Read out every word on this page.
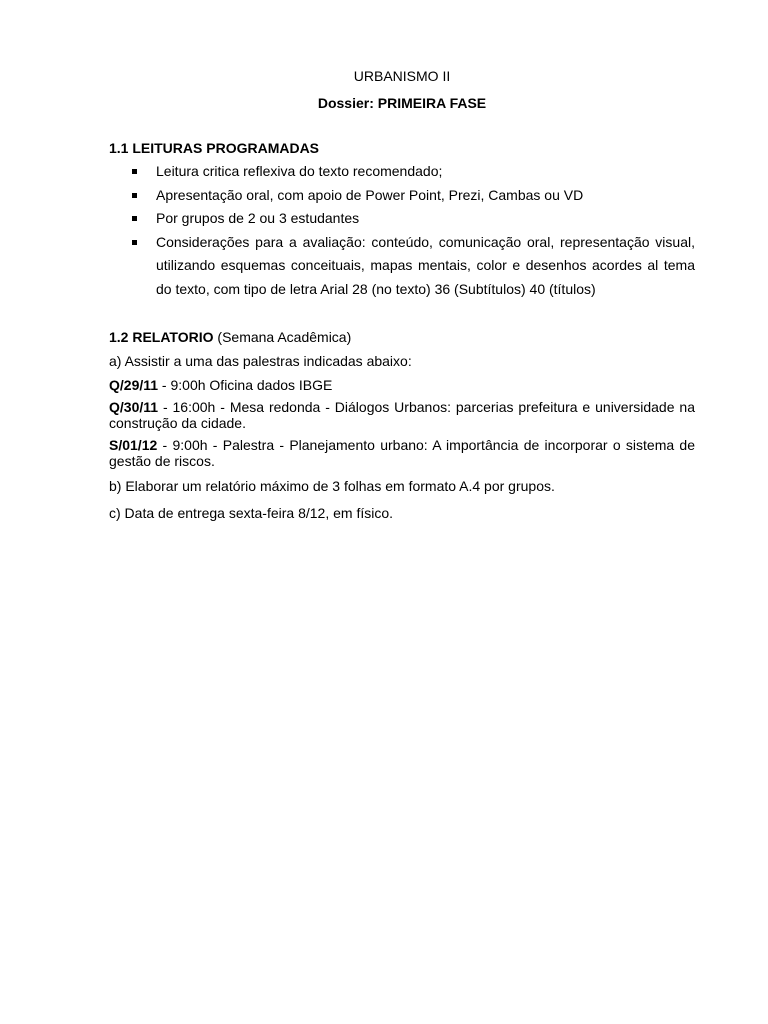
URBANISMO II

Dossier: PRIMEIRA FASE

1.1 LEITURAS PROGRAMADAS

Leitura critica reflexiva do texto recomendado;
Apresentação oral, com apoio de Power Point, Prezi, Cambas ou VD
Por grupos de 2 ou 3 estudantes
Considerações para a avaliação: conteúdo, comunicação oral, representação visual, utilizando esquemas conceituais, mapas mentais, color e desenhos acordes al tema do texto, com tipo de letra Arial 28 (no texto) 36 (Subtítulos) 40 (títulos)

1.2 RELATORIO (Semana Acadêmica)

a) Assistir a uma das palestras indicadas abaixo:

Q/29/11 - 9:00h Oficina dados IBGE

Q/30/11 - 16:00h - Mesa redonda - Diálogos Urbanos: parcerias prefeitura e universidade na construção da cidade.

S/01/12 - 9:00h - Palestra - Planejamento urbano: A importância de incorporar o sistema de gestão de riscos.

b) Elaborar um relatório máximo de 3 folhas em formato A.4 por grupos.

c) Data de entrega sexta-feira 8/12, em físico.
